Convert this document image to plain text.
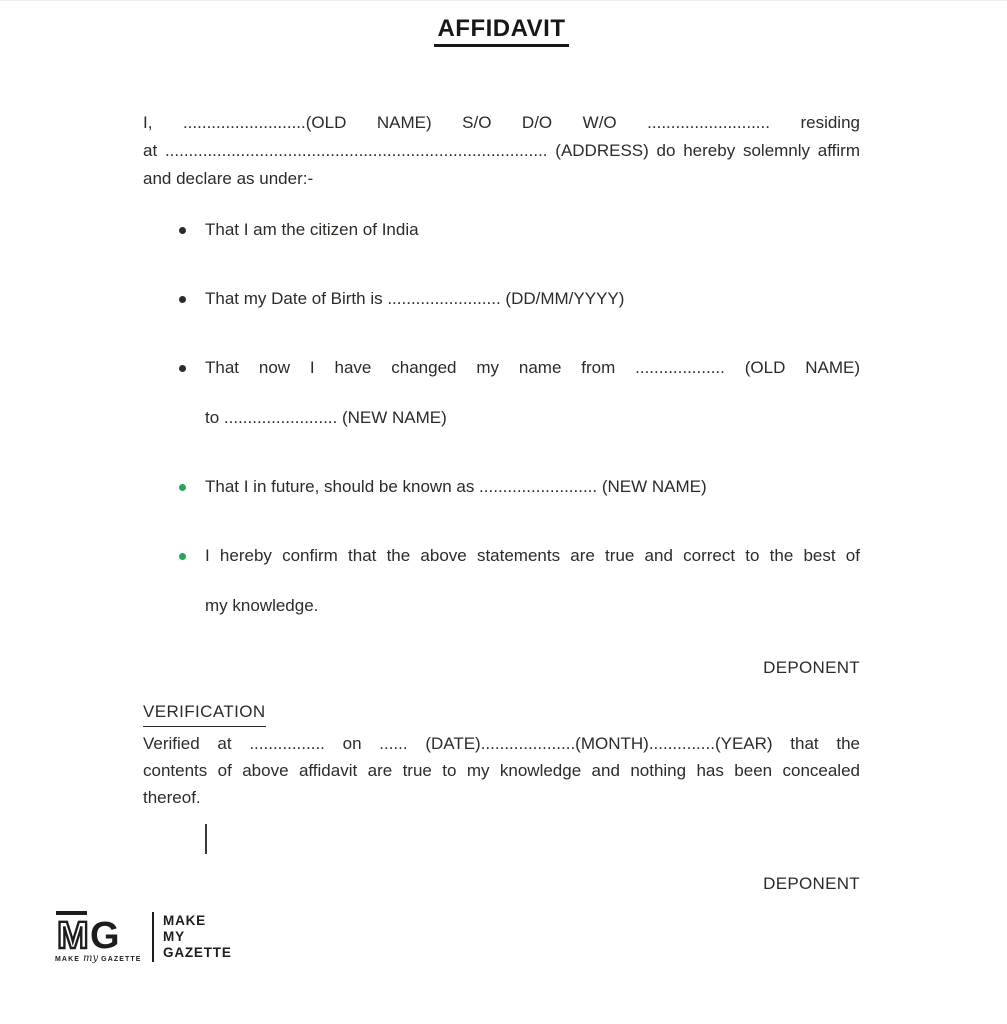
AFFIDAVIT
I, ..........................(OLD NAME) S/O D/O W/O .......................... residing
at ................................................................................. (ADDRESS) do hereby solemnly affirm
and declare as under:-
That I am the citizen of India
That my Date of Birth is ........................ (DD/MM/YYYY)
That now I have changed my name from ................... (OLD NAME)
to ........................ (NEW NAME)
That I in future, should be known as ......................... (NEW NAME)
I hereby confirm that the above statements are true and correct to the best of
my knowledge.
DEPONENT
VERIFICATION
Verified at ................ on ...... (DATE)....................(MONTH)..............(YEAR) that the
contents of above affidavit are true to my knowledge and nothing has been concealed
thereof.
DEPONENT
M G
MAKE my GAZETTE
MAKE
MY
GAZETTE
